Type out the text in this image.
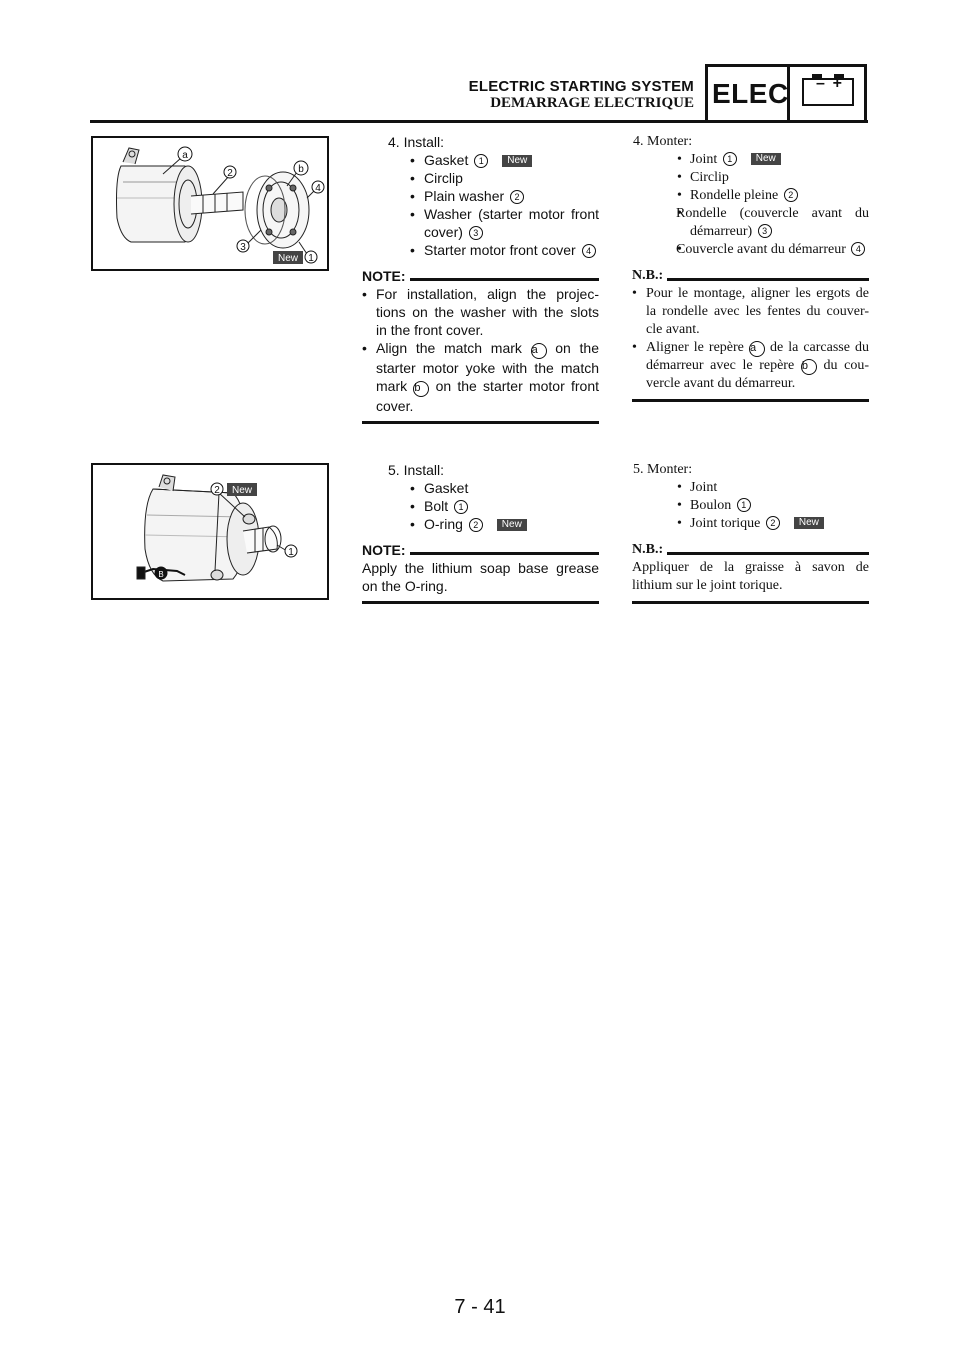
ELECTRIC STARTING SYSTEM
DEMARRAGE ELECTRIQUE ELEC – +
a
2	b
4
3
1
New
2
1
New
B

4. Install:

• Gasket 1 New

• Circlip

• Plain washer 2

• Washer (starter motor front

cover) 3

• Starter motor front cover 4

NOTE:

• For installation, align the projec-

tions on the washer with the slots

in the front cover.

• Align the match mark a on the

starter motor yoke with the match

mark b on the starter motor front

cover.

4. Monter:

• Joint 1 New

• Circlip

• Rondelle pleine 2

• Rondelle (couvercle avant du

démarreur) 3

• Couvercle avant du démarreur 4

N.B.:

• Pour le montage, aligner les ergots de

la rondelle avec les fentes du couver-

cle avant.

• Aligner le repère a de la carcasse du

démarreur avec le repère b du cou-

vercle avant du démarreur.

5. Install:

• Gasket

• Bolt 1

• O-ring 2 New

NOTE:

Apply the lithium soap base grease

on the O-ring.

5. Monter:

• Joint

• Boulon 1

• Joint torique 2 New

N.B.:

Appliquer de la graisse à savon de

lithium sur le joint torique.

7 - 41
